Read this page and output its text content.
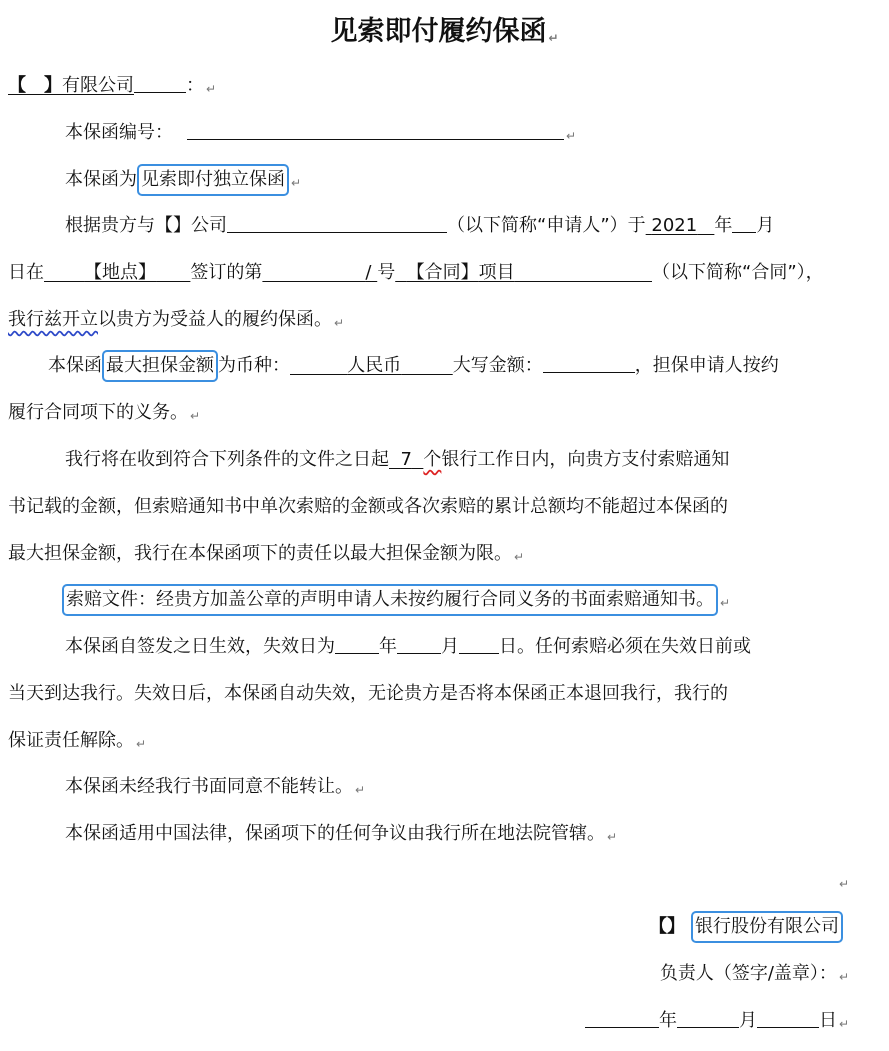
见索即付履约保函 ↵
【　】有限公司	： ↵
本保函编号：	↵
本保函为 见索即付独立保函 ↵
根据贵方与【】公司	（以下简称“申请人”）于 2021 年 月
日在 【地点】 签订的第	/ 号 【合同】项目	（以下简称“合同”），
我行兹开立以贵方为受益人的履约保函。 ↵
本保函 最大担保金额 为币种：	人民币	大写金额：	，担保申请人按约
履行合同项下的义务。 ↵
我行将在收到符合下列条件的文件之日起 7 个银行工作日内，向贵方支付索赔通知
书记载的金额，但索赔通知书中单次索赔的金额或各次索赔的累计总额均不能超过本保函的
最大担保金额，我行在本保函项下的责任以最大担保金额为限。 ↵
索赔文件：经贵方加盖公章的声明申请人未按约履行合同义务的书面索赔通知书。 ↵
本保函自签发之日生效，失效日为 年 月 日。任何索赔必须在失效日前或
当天到达我行。失效日后，本保函自动失效，无论贵方是否将本保函正本退回我行，我行的
保证责任解除。 ↵
本保函未经我行书面同意不能转让。 ↵
本保函适用中国法律，保函项下的任何争议由我行所在地法院管辖。 ↵
↵
【】 银行股份有限公司
负责人（签字/盖章）： ↵
年	月	日 ↵
